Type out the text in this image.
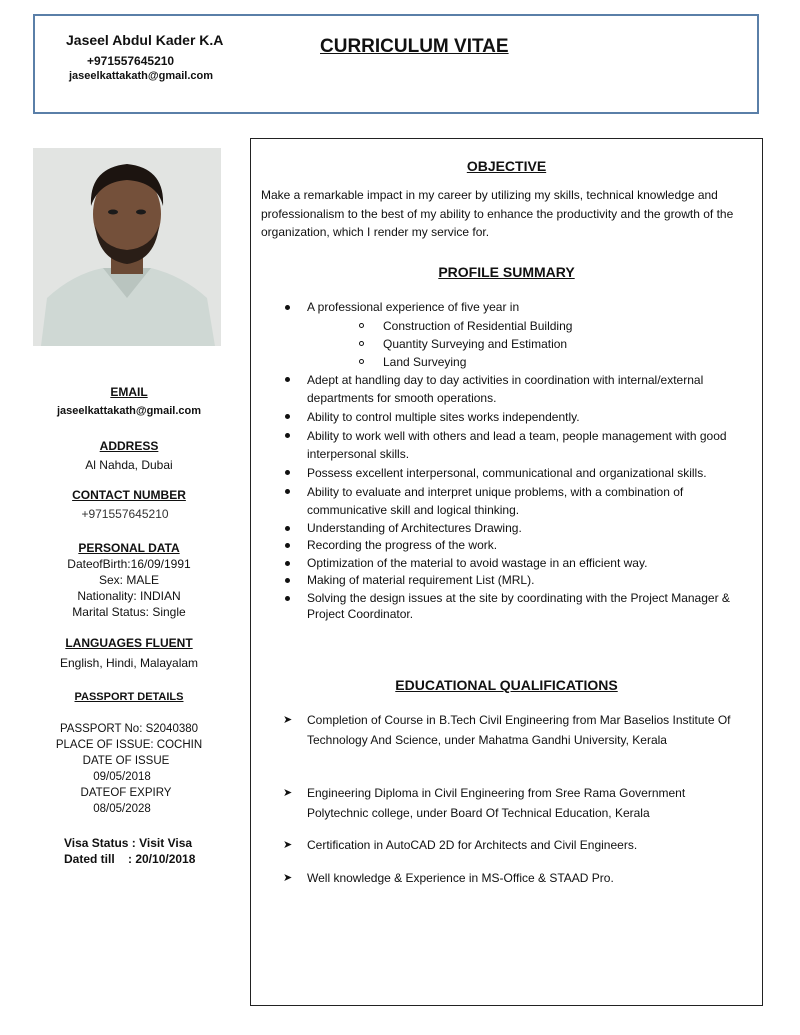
Jaseel Abdul Kader K.A
+971557645210
jaseelkattakath@gmail.com
CURRICULUM VITAE
EMAIL
jaseelkattakath@gmail.com
ADDRESS
Al Nahda, Dubai
CONTACT NUMBER
+971557645210
PERSONAL DATA
DateofBirth:16/09/1991
Sex: MALE
Nationality: INDIAN
Marital Status: Single
LANGUAGES FLUENT
English, Hindi, Malayalam
PASSPORT DETAILS
PASSPORT No: S2040380
PLACE OF ISSUE: COCHIN
DATE OF ISSUE
09/05/2018
DATEOF EXPIRY
08/05/2028
Visa Status : Visit Visa
Dated till    : 20/10/2018
OBJECTIVE
Make a remarkable impact in my career by utilizing my skills, technical knowledge and professionalism to the best of my ability to enhance the productivity and the growth of the organization, which I render my service for.
PROFILE SUMMARY
A professional experience of five year in
Construction of Residential Building
Quantity Surveying and Estimation
Land Surveying
Adept at handling day to day activities in coordination with internal/external departments for smooth operations.
Ability to control multiple sites works independently.
Ability to work well with others and lead a team, people management with good interpersonal skills.
Possess excellent interpersonal, communicational and organizational skills.
Ability to evaluate and interpret unique problems, with a combination of communicative skill and logical thinking.
Understanding of Architectures Drawing.
Recording the progress of the work.
Optimization of the material to avoid wastage in an efficient way.
Making of material requirement List (MRL).
Solving the design issues at the site by coordinating with the Project Manager & Project Coordinator.
EDUCATIONAL QUALIFICATIONS
➤ Completion of Course in B.Tech Civil Engineering from Mar Baselios Institute Of Technology And Science, under Mahatma Gandhi University, Kerala
➤ Engineering Diploma in Civil Engineering from Sree Rama Government Polytechnic college, under Board Of Technical Education, Kerala
➤ Certification in AutoCAD 2D for Architects and Civil Engineers.
➤ Well knowledge & Experience in MS-Office & STAAD Pro.
